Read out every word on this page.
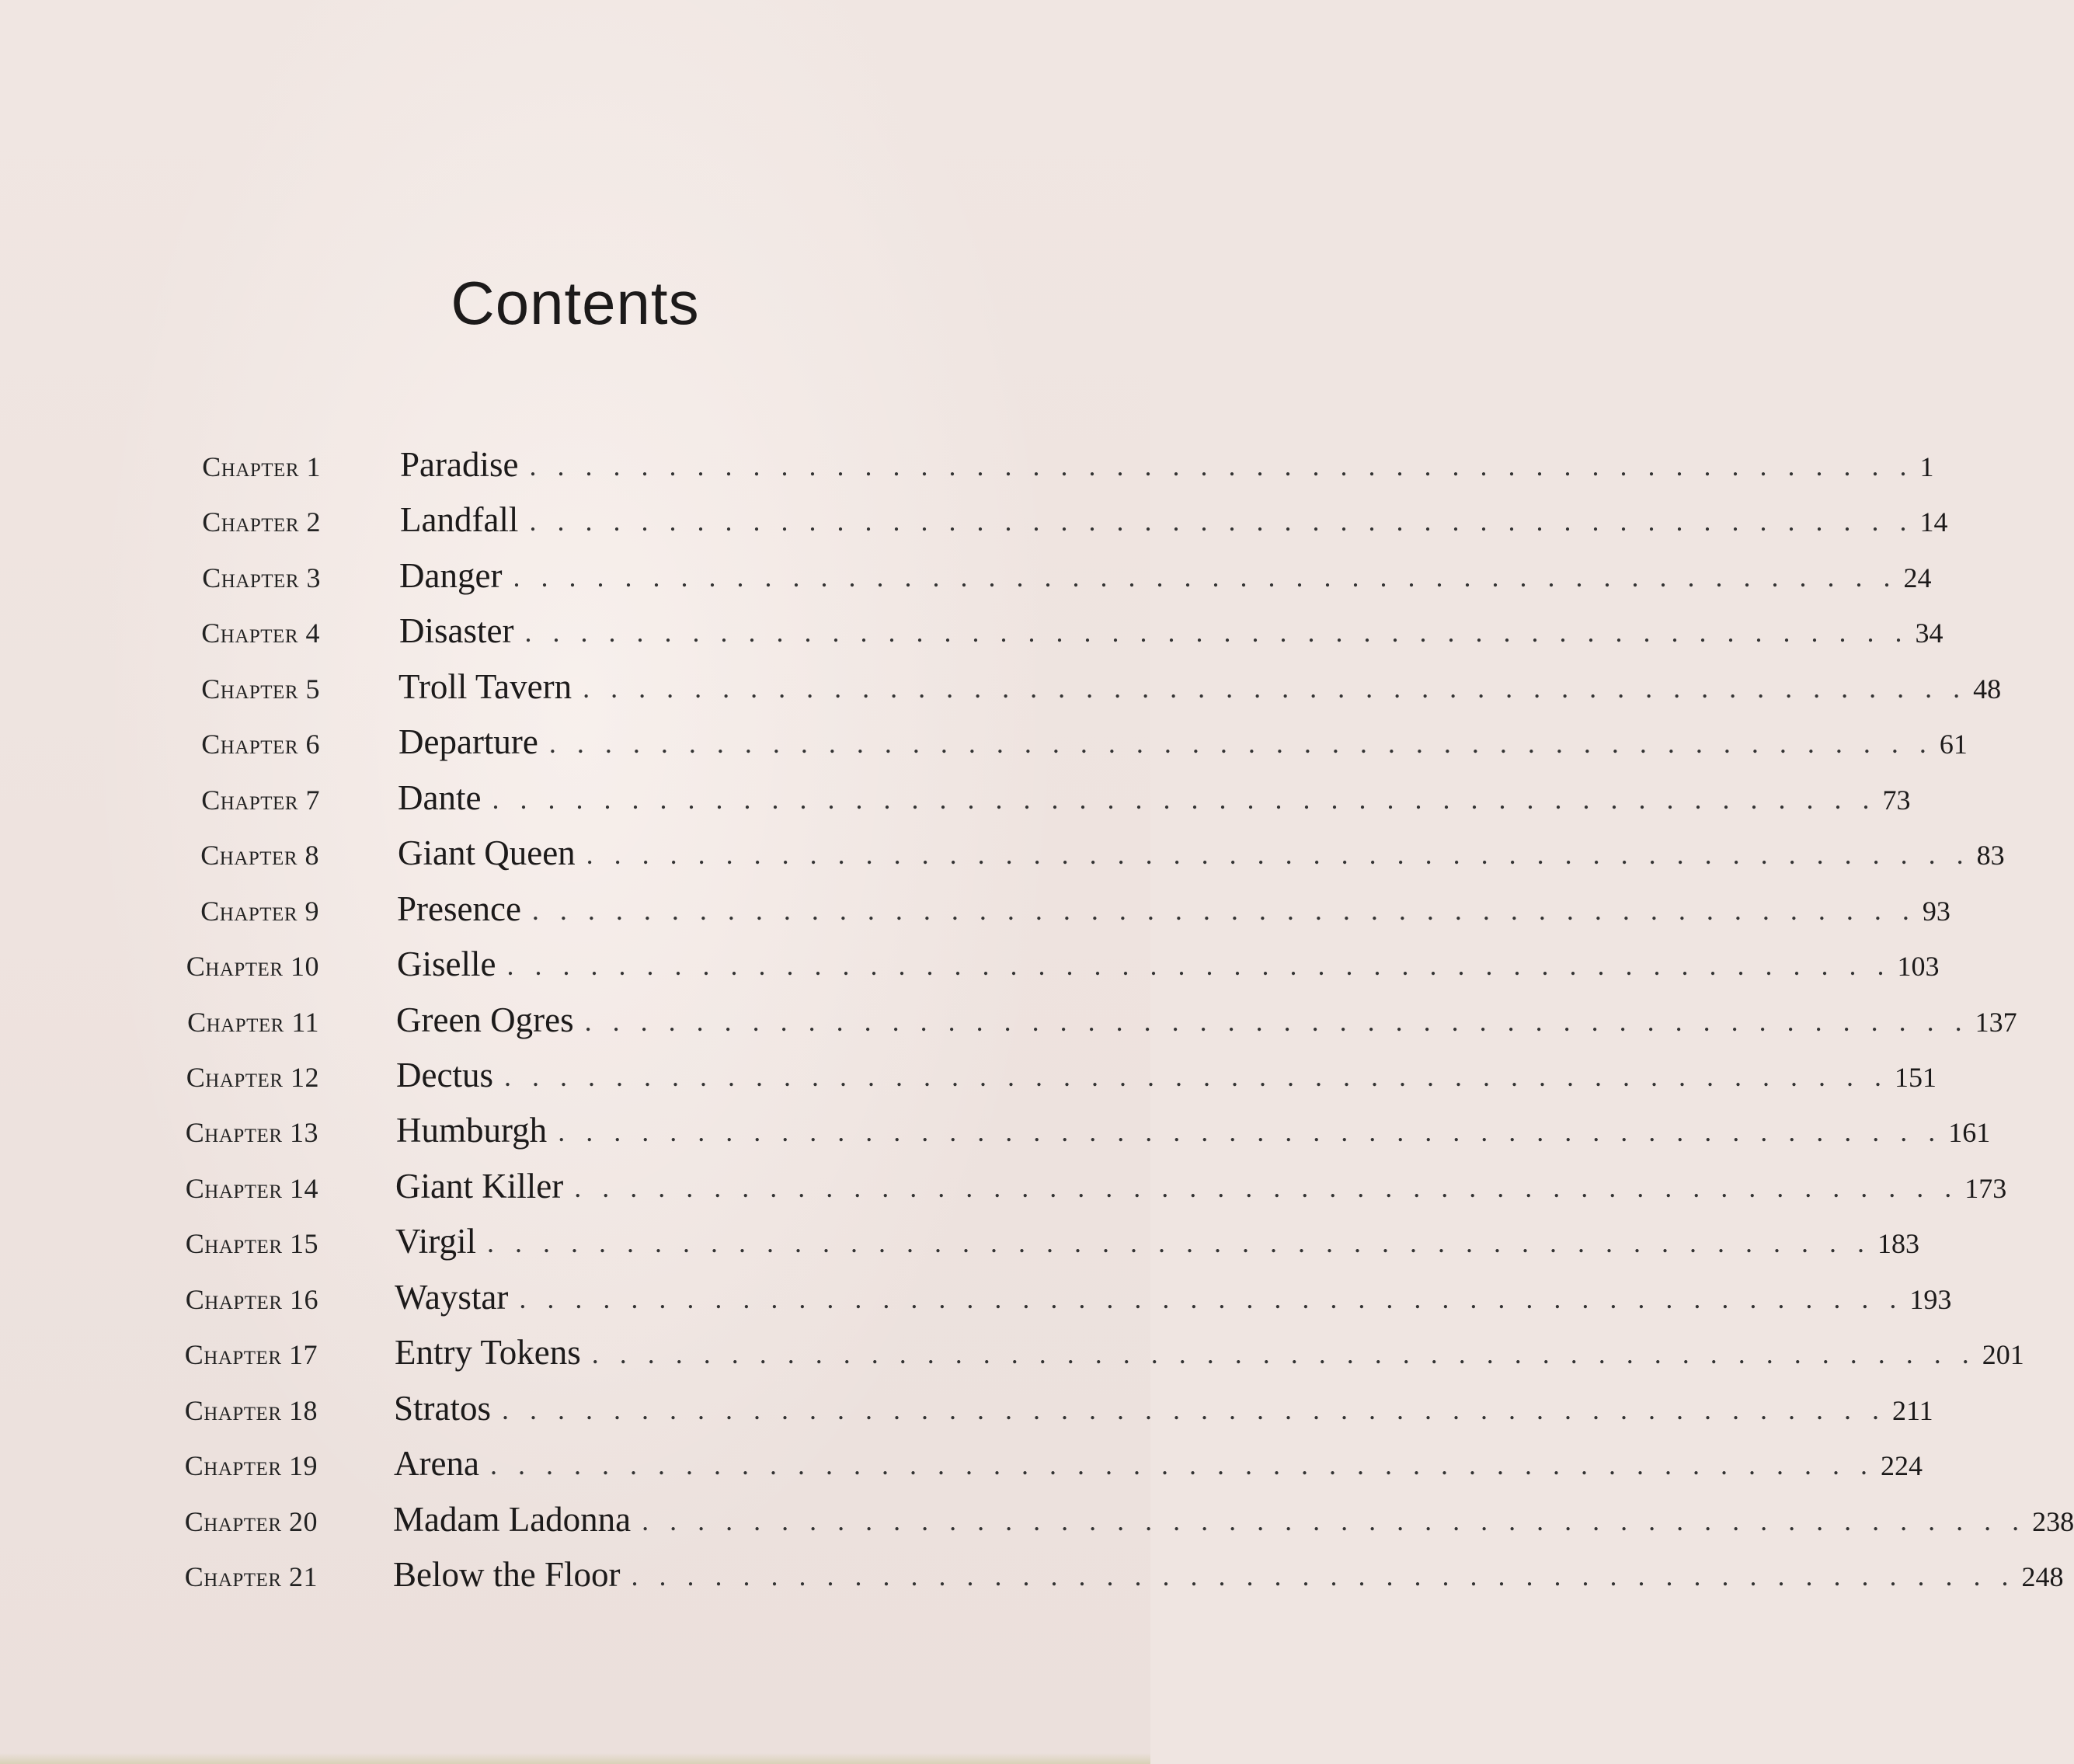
Contents
Chapter 1 Paradise . . . . . . . . . . . . . . . . . . . . . . . . . . . . . . . . . . . . . . . . . . . . . . . . . . 1
Chapter 2 Landfall . . . . . . . . . . . . . . . . . . . . . . . . . . . . . . . . . . . . . . . . . . . . . . . . . . 14
Chapter 3 Danger . . . . . . . . . . . . . . . . . . . . . . . . . . . . . . . . . . . . . . . . . . . . . . . . . . 24
Chapter 4 Disaster . . . . . . . . . . . . . . . . . . . . . . . . . . . . . . . . . . . . . . . . . . . . . . . . . . 34
Chapter 5 Troll Tavern . . . . . . . . . . . . . . . . . . . . . . . . . . . . . . . . . . . . . . . . . . . . . . . . . . 48
Chapter 6 Departure . . . . . . . . . . . . . . . . . . . . . . . . . . . . . . . . . . . . . . . . . . . . . . . . . . 61
Chapter 7 Dante . . . . . . . . . . . . . . . . . . . . . . . . . . . . . . . . . . . . . . . . . . . . . . . . . . 73
Chapter 8 Giant Queen . . . . . . . . . . . . . . . . . . . . . . . . . . . . . . . . . . . . . . . . . . . . . . . . . . 83
Chapter 9 Presence . . . . . . . . . . . . . . . . . . . . . . . . . . . . . . . . . . . . . . . . . . . . . . . . . . 93
Chapter 10 Giselle . . . . . . . . . . . . . . . . . . . . . . . . . . . . . . . . . . . . . . . . . . . . . . . . . . 103
Chapter 11 Green Ogres . . . . . . . . . . . . . . . . . . . . . . . . . . . . . . . . . . . . . . . . . . . . . . . . . . 137
Chapter 12 Dectus . . . . . . . . . . . . . . . . . . . . . . . . . . . . . . . . . . . . . . . . . . . . . . . . . . 151
Chapter 13 Humburgh . . . . . . . . . . . . . . . . . . . . . . . . . . . . . . . . . . . . . . . . . . . . . . . . . . 161
Chapter 14 Giant Killer . . . . . . . . . . . . . . . . . . . . . . . . . . . . . . . . . . . . . . . . . . . . . . . . . . 173
Chapter 15 Virgil . . . . . . . . . . . . . . . . . . . . . . . . . . . . . . . . . . . . . . . . . . . . . . . . . . 183
Chapter 16 Waystar . . . . . . . . . . . . . . . . . . . . . . . . . . . . . . . . . . . . . . . . . . . . . . . . . . 193
Chapter 17 Entry Tokens . . . . . . . . . . . . . . . . . . . . . . . . . . . . . . . . . . . . . . . . . . . . . . . . . . 201
Chapter 18 Stratos . . . . . . . . . . . . . . . . . . . . . . . . . . . . . . . . . . . . . . . . . . . . . . . . . . 211
Chapter 19 Arena . . . . . . . . . . . . . . . . . . . . . . . . . . . . . . . . . . . . . . . . . . . . . . . . . . 224
Chapter 20 Madam Ladonna . . . . . . . . . . . . . . . . . . . . . . . . . . . . . . . . . . . . . . . . . . . . . . . . . . 238
Chapter 21 Below the Floor . . . . . . . . . . . . . . . . . . . . . . . . . . . . . . . . . . . . . . . . . . . . . . . . . . 248
